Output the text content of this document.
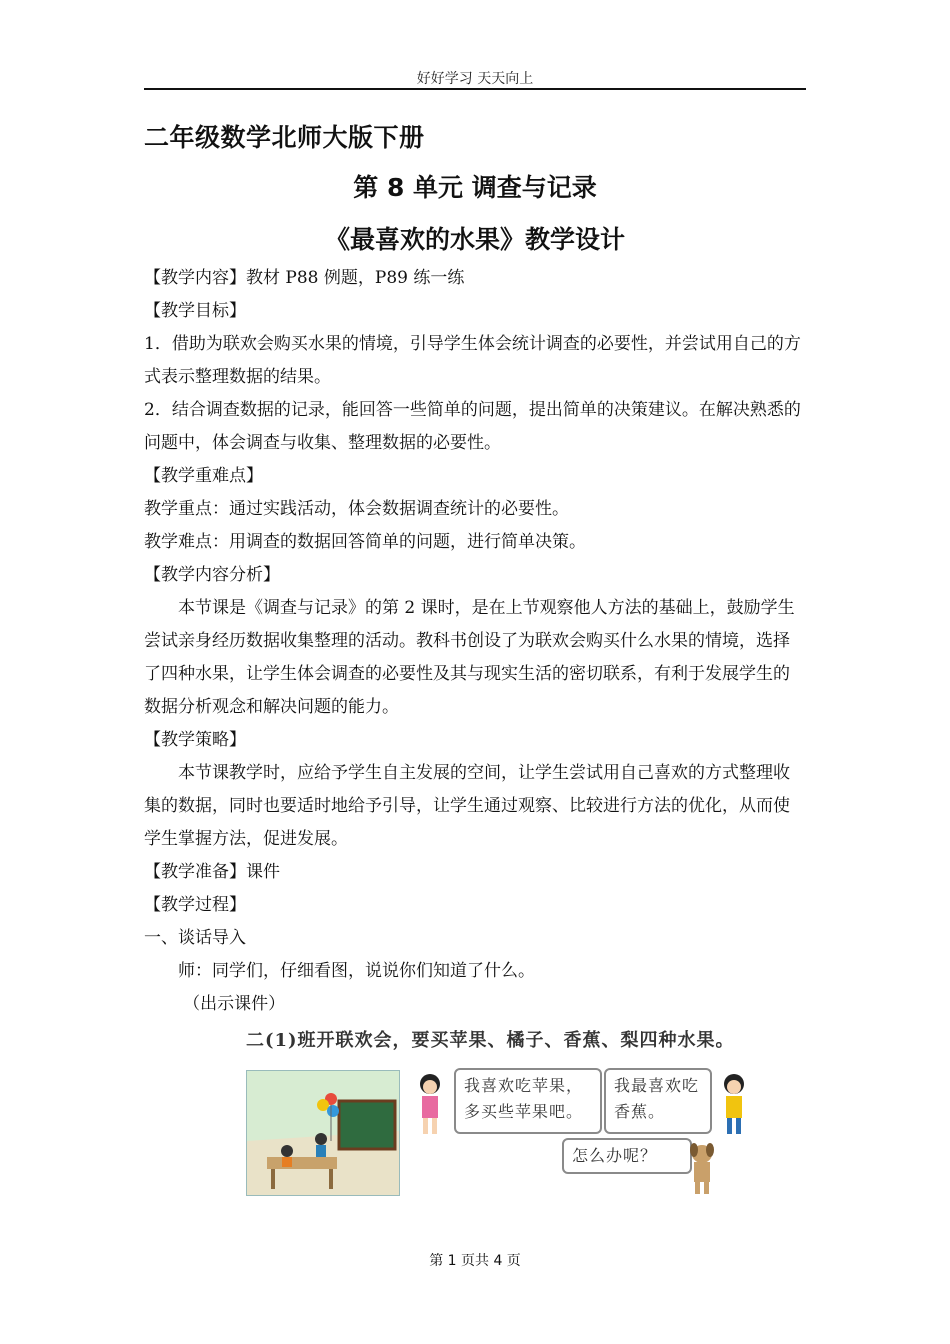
好好学习 天天向上
二年级数学北师大版下册
第 8 单元 调查与记录
《最喜欢的水果》教学设计

【教学内容】教材 P88 例题，P89 练一练

【教学目标】

1．借助为联欢会购买水果的情境，引导学生体会统计调查的必要性，并尝试用自己的方式表示整理数据的结果。

2．结合调查数据的记录，能回答一些简单的问题，提出简单的决策建议。在解决熟悉的问题中，体会调查与收集、整理数据的必要性。

【教学重难点】

教学重点：通过实践活动，体会数据调查统计的必要性。

教学难点：用调查的数据回答简单的问题，进行简单决策。

【教学内容分析】

本节课是《调查与记录》的第 2 课时，是在上节观察他人方法的基础上，鼓励学生尝试亲身经历数据收集整理的活动。教科书创设了为联欢会购买什么水果的情境，选择了四种水果，让学生体会调查的必要性及其与现实生活的密切联系，有利于发展学生的数据分析观念和解决问题的能力。

【教学策略】

本节课教学时，应给予学生自主发展的空间，让学生尝试用自己喜欢的方式整理收集的数据，同时也要适时地给予引导，让学生通过观察、比较进行方法的优化，从而使学生掌握方法，促进发展。

【教学准备】课件

【教学过程】

一、谈话导入

师：同学们，仔细看图，说说你们知道了什么。

（出示课件）

二(1)班开联欢会，要买苹果、橘子、香蕉、梨四种水果。
我喜欢吃苹果，多买些苹果吧。
我最喜欢吃香蕉。
怎么办呢？
第 1 页共 4 页
